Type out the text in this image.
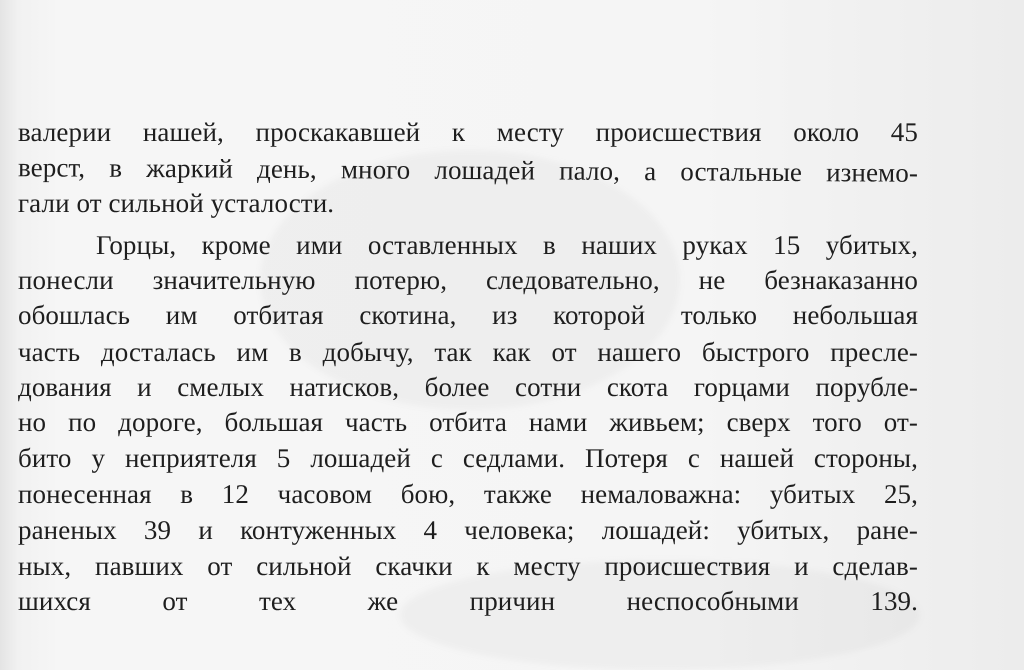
валерии нашей, проскакавшей к месту происшествия около 45
верст, в жаркий день, много лошадей пало, а остальные изнемо-
гали от сильной усталости.
Горцы, кроме ими оставленных в наших руках 15 убитых,
понесли значительную потерю, следовательно, не безнаказанно
обошлась им отбитая скотина, из которой только небольшая
часть досталась им в добычу, так как от нашего быстрого пресле-
дования и смелых натисков, более сотни скота горцами порубле-
но по дороге, большая часть отбита нами живьем; сверх того от-
бито у неприятеля 5 лошадей с седлами. Потеря с нашей стороны,
понесенная в 12 часовом бою, также немаловажна: убитых 25,
раненых 39 и контуженных 4 человека; лошадей: убитых, ране-
ных, павших от сильной скачки к месту происшествия и сделав-
шихся от тех же причин неспособными 139.
